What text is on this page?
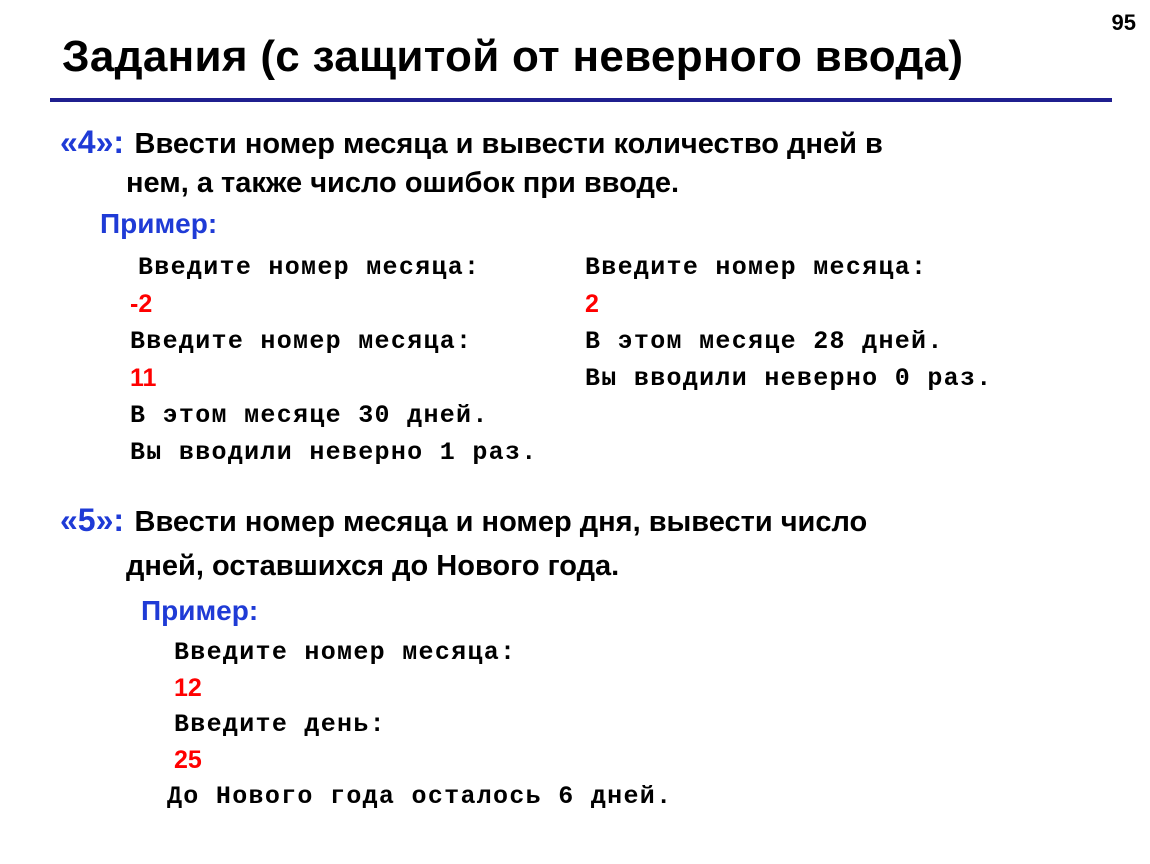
95
Задания (с защитой от неверного ввода)
«4»: Ввести номер месяца и вывести количество дней в
нем, а также число ошибок при вводе.
Пример:
Введите номер месяца:
-2
Введите номер месяца:
11
В этом месяце 30 дней.
Вы вводили неверно 1 раз.
Введите номер месяца:
2
В этом месяце 28 дней.
Вы вводили неверно 0 раз.
«5»: Ввести номер месяца и номер дня, вывести число
дней, оставшихся до Нового года.
Пример:
Введите номер месяца:
12
Введите день:
25
До Нового года осталось 6 дней.
